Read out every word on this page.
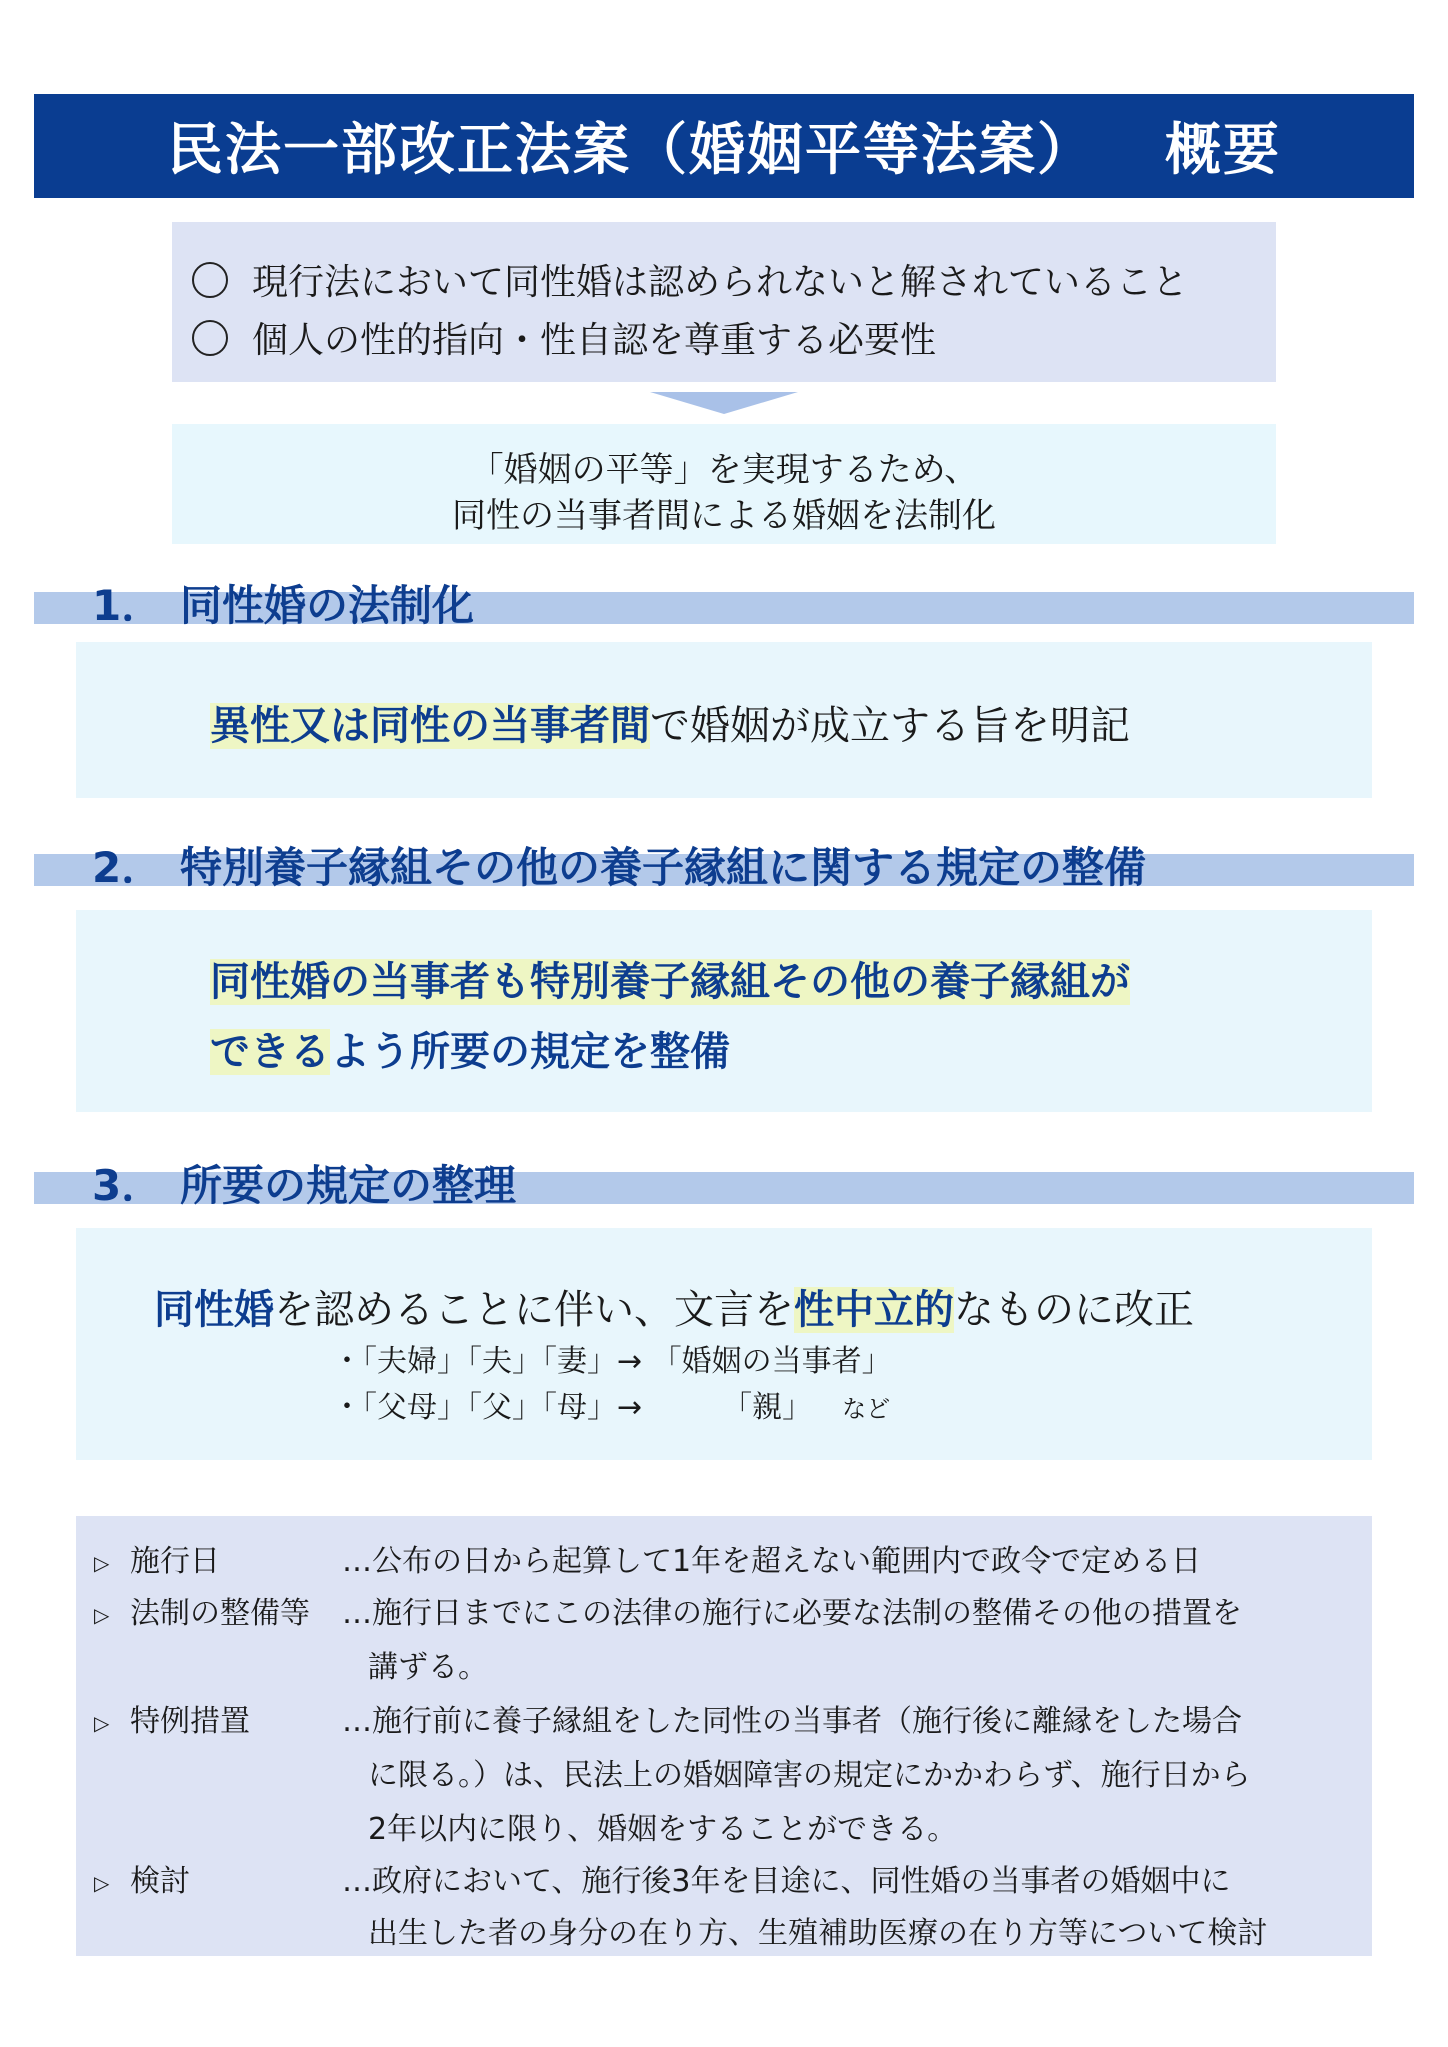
民法一部改正法案（婚姻平等法案） 概要
現行法において同性婚は認められないと解されていること
個人の性的指向・性自認を尊重する必要性
「婚姻の平等」を実現するため、
同性の当事者間による婚姻を法制化
1． 同性婚の法制化
異性又は同性の当事者間で婚姻が成立する旨を明記
2． 特別養子縁組その他の養子縁組に関する規定の整備
同性婚の当事者も特別養子縁組その他の養子縁組が
できるよう所要の規定を整備
3． 所要の規定の整理
同性婚を認めることに伴い、文言を性中立的なものに改正
・「夫婦」「夫」「妻」→ 「婚姻の当事者」
・「父母」「父」「母」→	「親」 など
▷ 施行日	…公布の日から起算して1年を超えない範囲内で政令で定める日
▷ 法制の整備等 …施行日までにこの法律の施行に必要な法制の整備その他の措置を
講ずる。
▷ 特例措置	…施行前に養子縁組をした同性の当事者（施行後に離縁をした場合
に限る。）は、民法上の婚姻障害の規定にかかわらず、施行日から
2年以内に限り、婚姻をすることができる。
▷ 検討	…政府において、施行後3年を目途に、同性婚の当事者の婚姻中に
出生した者の身分の在り方、生殖補助医療の在り方等について検討
